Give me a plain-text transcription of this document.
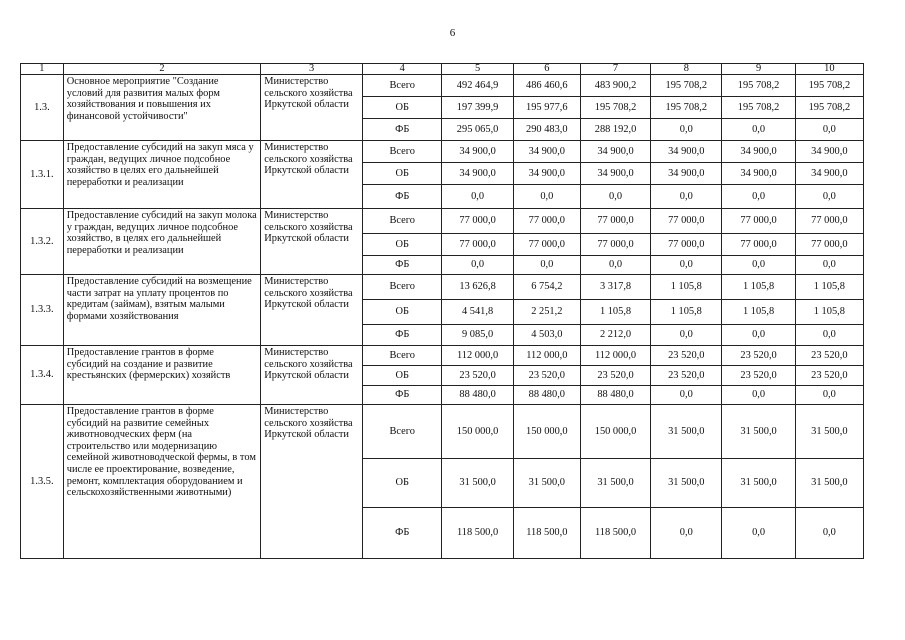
6
1	2	3	4	5	6	7	8	9	10
1.3.	Основное мероприятие "Создание условий для развития малых форм хозяйствования и повышения их финансовой устойчивости"	Министерство сельского хозяйства Иркутской области	Всего	492 464,9	486 460,6	483 900,2	195 708,2	195 708,2	195 708,2
			ОБ	197 399,9	195 977,6	195 708,2	195 708,2	195 708,2	195 708,2
			ФБ	295 065,0	290 483,0	288 192,0	0,0	0,0	0,0
1.3.1.	Предоставление субсидий на закуп мяса у граждан, ведущих личное подсобное хозяйство в целях его дальнейшей переработки и реализации	Министерство сельского хозяйства Иркутской области	Всего	34 900,0	34 900,0	34 900,0	34 900,0	34 900,0	34 900,0
			ОБ	34 900,0	34 900,0	34 900,0	34 900,0	34 900,0	34 900,0
			ФБ	0,0	0,0	0,0	0,0	0,0	0,0
1.3.2.	Предоставление субсидий на закуп молока у граждан, ведущих личное подсобное хозяйство, в целях его дальнейшей переработки и реализации	Министерство сельского хозяйства Иркутской области	Всего	77 000,0	77 000,0	77 000,0	77 000,0	77 000,0	77 000,0
			ОБ	77 000,0	77 000,0	77 000,0	77 000,0	77 000,0	77 000,0
			ФБ	0,0	0,0	0,0	0,0	0,0	0,0
1.3.3.	Предоставление субсидий на возмещение части затрат на уплату процентов по кредитам (займам), взятым малыми формами хозяйствования	Министерство сельского хозяйства Иркутской области	Всего	13 626,8	6 754,2	3 317,8	1 105,8	1 105,8	1 105,8
			ОБ	4 541,8	2 251,2	1 105,8	1 105,8	1 105,8	1 105,8
			ФБ	9 085,0	4 503,0	2 212,0	0,0	0,0	0,0
1.3.4.	Предоставление грантов в форме субсидий на создание и развитие крестьянских (фермерских) хозяйств	Министерство сельского хозяйства Иркутской области	Всего	112 000,0	112 000,0	112 000,0	23 520,0	23 520,0	23 520,0
			ОБ	23 520,0	23 520,0	23 520,0	23 520,0	23 520,0	23 520,0
			ФБ	88 480,0	88 480,0	88 480,0	0,0	0,0	0,0
1.3.5.	Предоставление грантов в форме субсидий на развитие семейных животноводческих ферм (на строительство или модернизацию семейной животноводческой фермы, в том числе ее проектирование, возведение, ремонт, комплектация оборудованием и сельскохозяйственными животными)	Министерство сельского хозяйства Иркутской области	Всего	150 000,0	150 000,0	150 000,0	31 500,0	31 500,0	31 500,0
			ОБ	31 500,0	31 500,0	31 500,0	31 500,0	31 500,0	31 500,0
			ФБ	118 500,0	118 500,0	118 500,0	0,0	0,0	0,0
